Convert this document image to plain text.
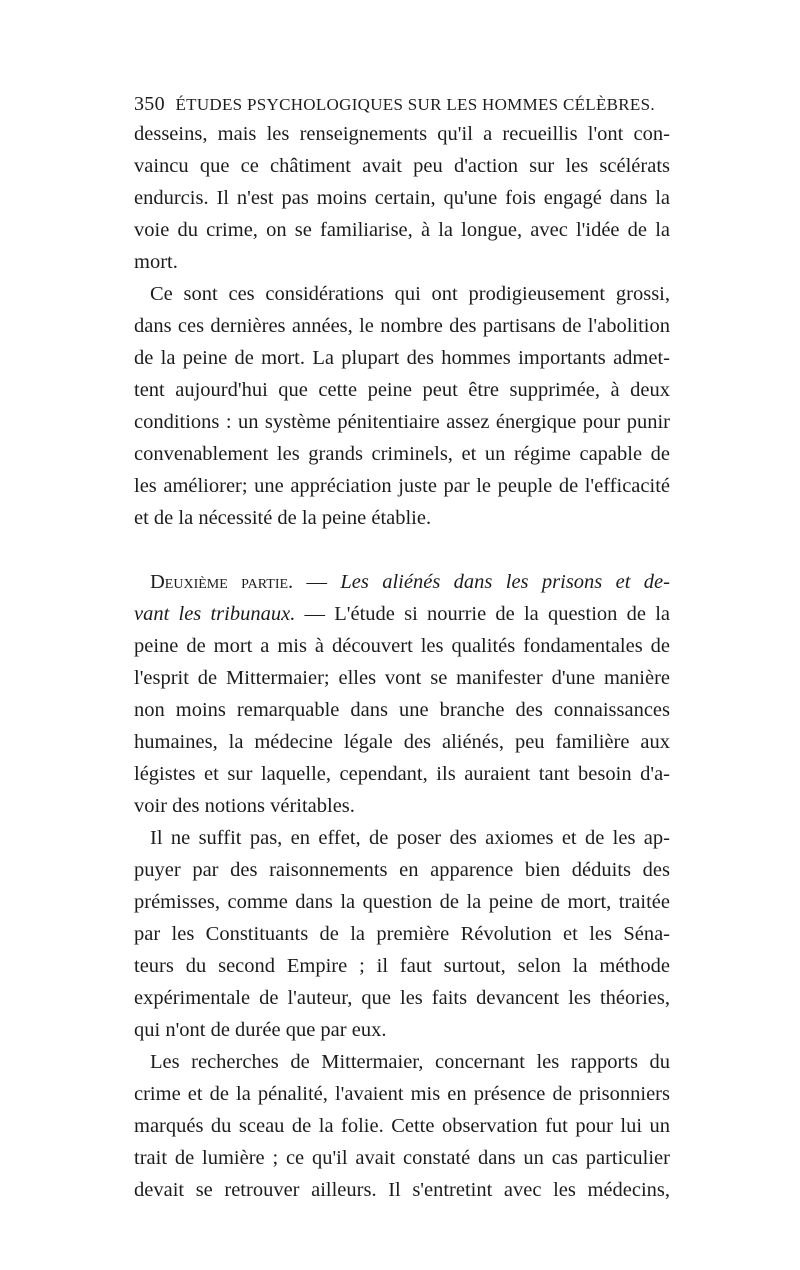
350 ÉTUDES PSYCHOLOGIQUES SUR LES HOMMES CÉLÈBRES.
desseins, mais les renseignements qu'il a recueillis l'ont con-
vaincu que ce châtiment avait peu d'action sur les scélérats
endurcis. Il n'est pas moins certain, qu'une fois engagé dans la
voie du crime, on se familiarise, à la longue, avec l'idée de la
mort.
Ce sont ces considérations qui ont prodigieusement grossi,
dans ces dernières années, le nombre des partisans de l'abolition
de la peine de mort. La plupart des hommes importants admet-
tent aujourd'hui que cette peine peut être supprimée, à deux
conditions : un système pénitentiaire assez énergique pour punir
convenablement les grands criminels, et un régime capable de
les améliorer; une appréciation juste par le peuple de l'efficacité
et de la nécessité de la peine établie.
Deuxième partie. — Les aliénés dans les prisons et de-
vant les tribunaux. — L'étude si nourrie de la question de la
peine de mort a mis à découvert les qualités fondamentales de
l'esprit de Mittermaier; elles vont se manifester d'une manière
non moins remarquable dans une branche des connaissances
humaines, la médecine légale des aliénés, peu familière aux
légistes et sur laquelle, cependant, ils auraient tant besoin d'a-
voir des notions véritables.
Il ne suffit pas, en effet, de poser des axiomes et de les ap-
puyer par des raisonnements en apparence bien déduits des
prémisses, comme dans la question de la peine de mort, traitée
par les Constituants de la première Révolution et les Séna-
teurs du second Empire ; il faut surtout, selon la méthode
expérimentale de l'auteur, que les faits devancent les théories,
qui n'ont de durée que par eux.
Les recherches de Mittermaier, concernant les rapports du
crime et de la pénalité, l'avaient mis en présence de prisonniers
marqués du sceau de la folie. Cette observation fut pour lui un
trait de lumière ; ce qu'il avait constaté dans un cas particulier
devait se retrouver ailleurs. Il s'entretint avec les médecins,
